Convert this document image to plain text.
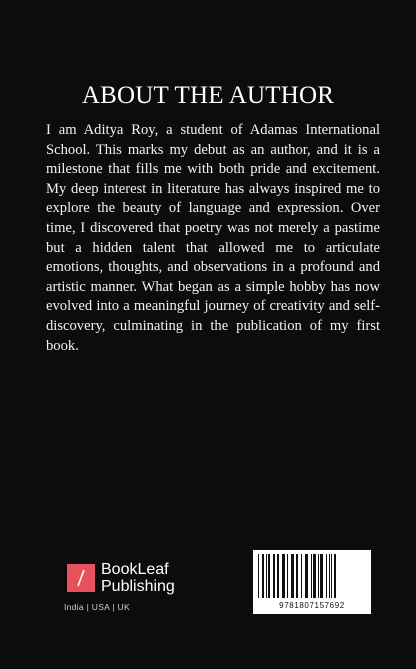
ABOUT THE AUTHOR

I am Aditya Roy, a student of Adamas International School. This marks my debut as an author, and it is a milestone that fills me with both pride and excitement. My deep interest in literature has always inspired me to explore the beauty of language and expression. Over time, I discovered that poetry was not merely a pastime but a hidden talent that allowed me to articulate emotions, thoughts, and observations in a profound and artistic manner. What began as a simple hobby has now evolved into a meaningful journey of creativity and self-discovery, culminating in the publication of my first book.

BookLeaf
Publishing
India | USA | UK	9781807157692
